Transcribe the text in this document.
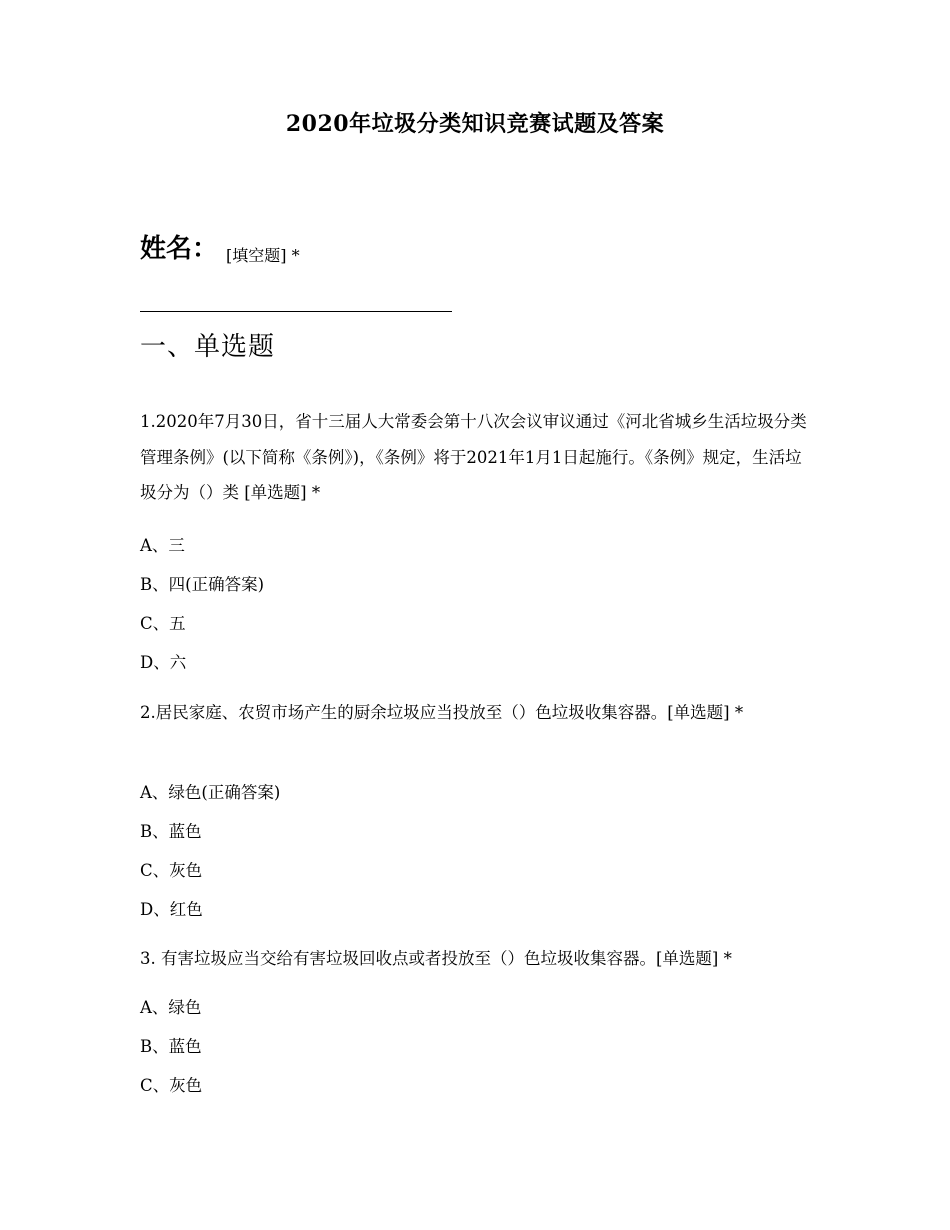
2020年垃圾分类知识竞赛试题及答案
姓名： [填空题] *
一、单选题
1.2020年7月30日，省十三届人大常委会第十八次会议审议通过《河北省城乡生活垃圾分类管理条例》(以下简称《条例》)，《条例》将于2021年1月1日起施行。《条例》规定，生活垃圾分为（）类 [单选题] *
A、三
B、四(正确答案)
C、五
D、六
2.居民家庭、农贸市场产生的厨余垃圾应当投放至（）色垃圾收集容器。[单选题] *
A、绿色(正确答案)
B、蓝色
C、灰色
D、红色
3. 有害垃圾应当交给有害垃圾回收点或者投放至（）色垃圾收集容器。[单选题] *
A、绿色
B、蓝色
C、灰色
